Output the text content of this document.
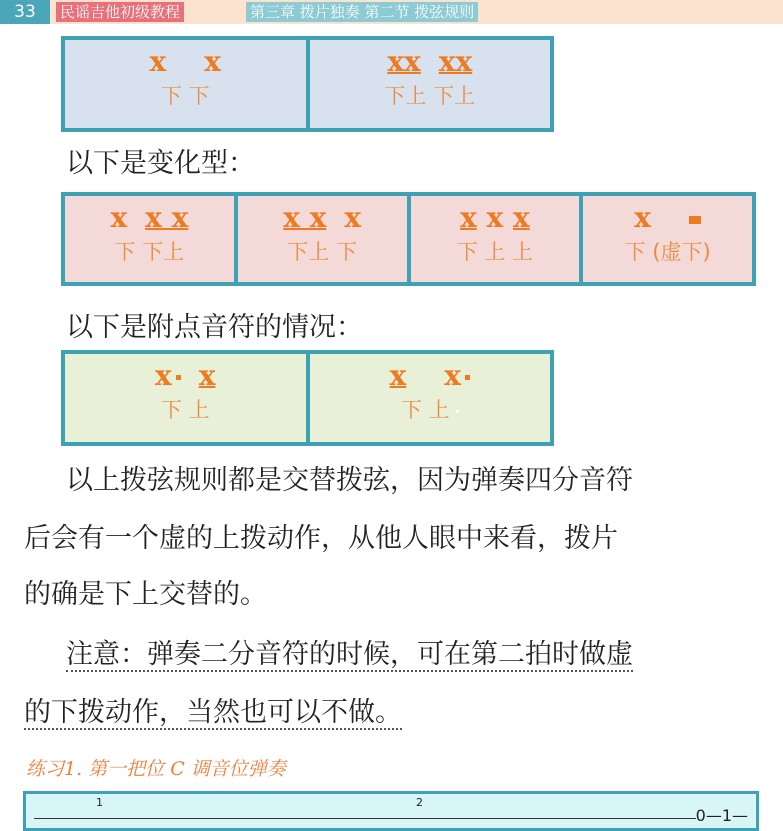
33	民谣吉他初级教程	第三章 拨片独奏 第二节 拨弦规则
x x
下 下

xx xx
下上 下上
以下是变化型：
x x x
下 下上

x x x
下上 下

x x x
下 上 上

x
下 (虚下)
以下是附点音符的情况：
x x
下 上

x x
下 上
以上拨弦规则都是交替拨弦，因为弹奏四分音符
后会有一个虚的上拨动作，从他人眼中来看，拨片
的确是下上交替的。
注意：弹奏二分音符的时候，可在第二拍时做虚
的下拨动作，当然也可以不做。
练习1. 第一把位 C 调音位弹奏
1	2
0—1—
